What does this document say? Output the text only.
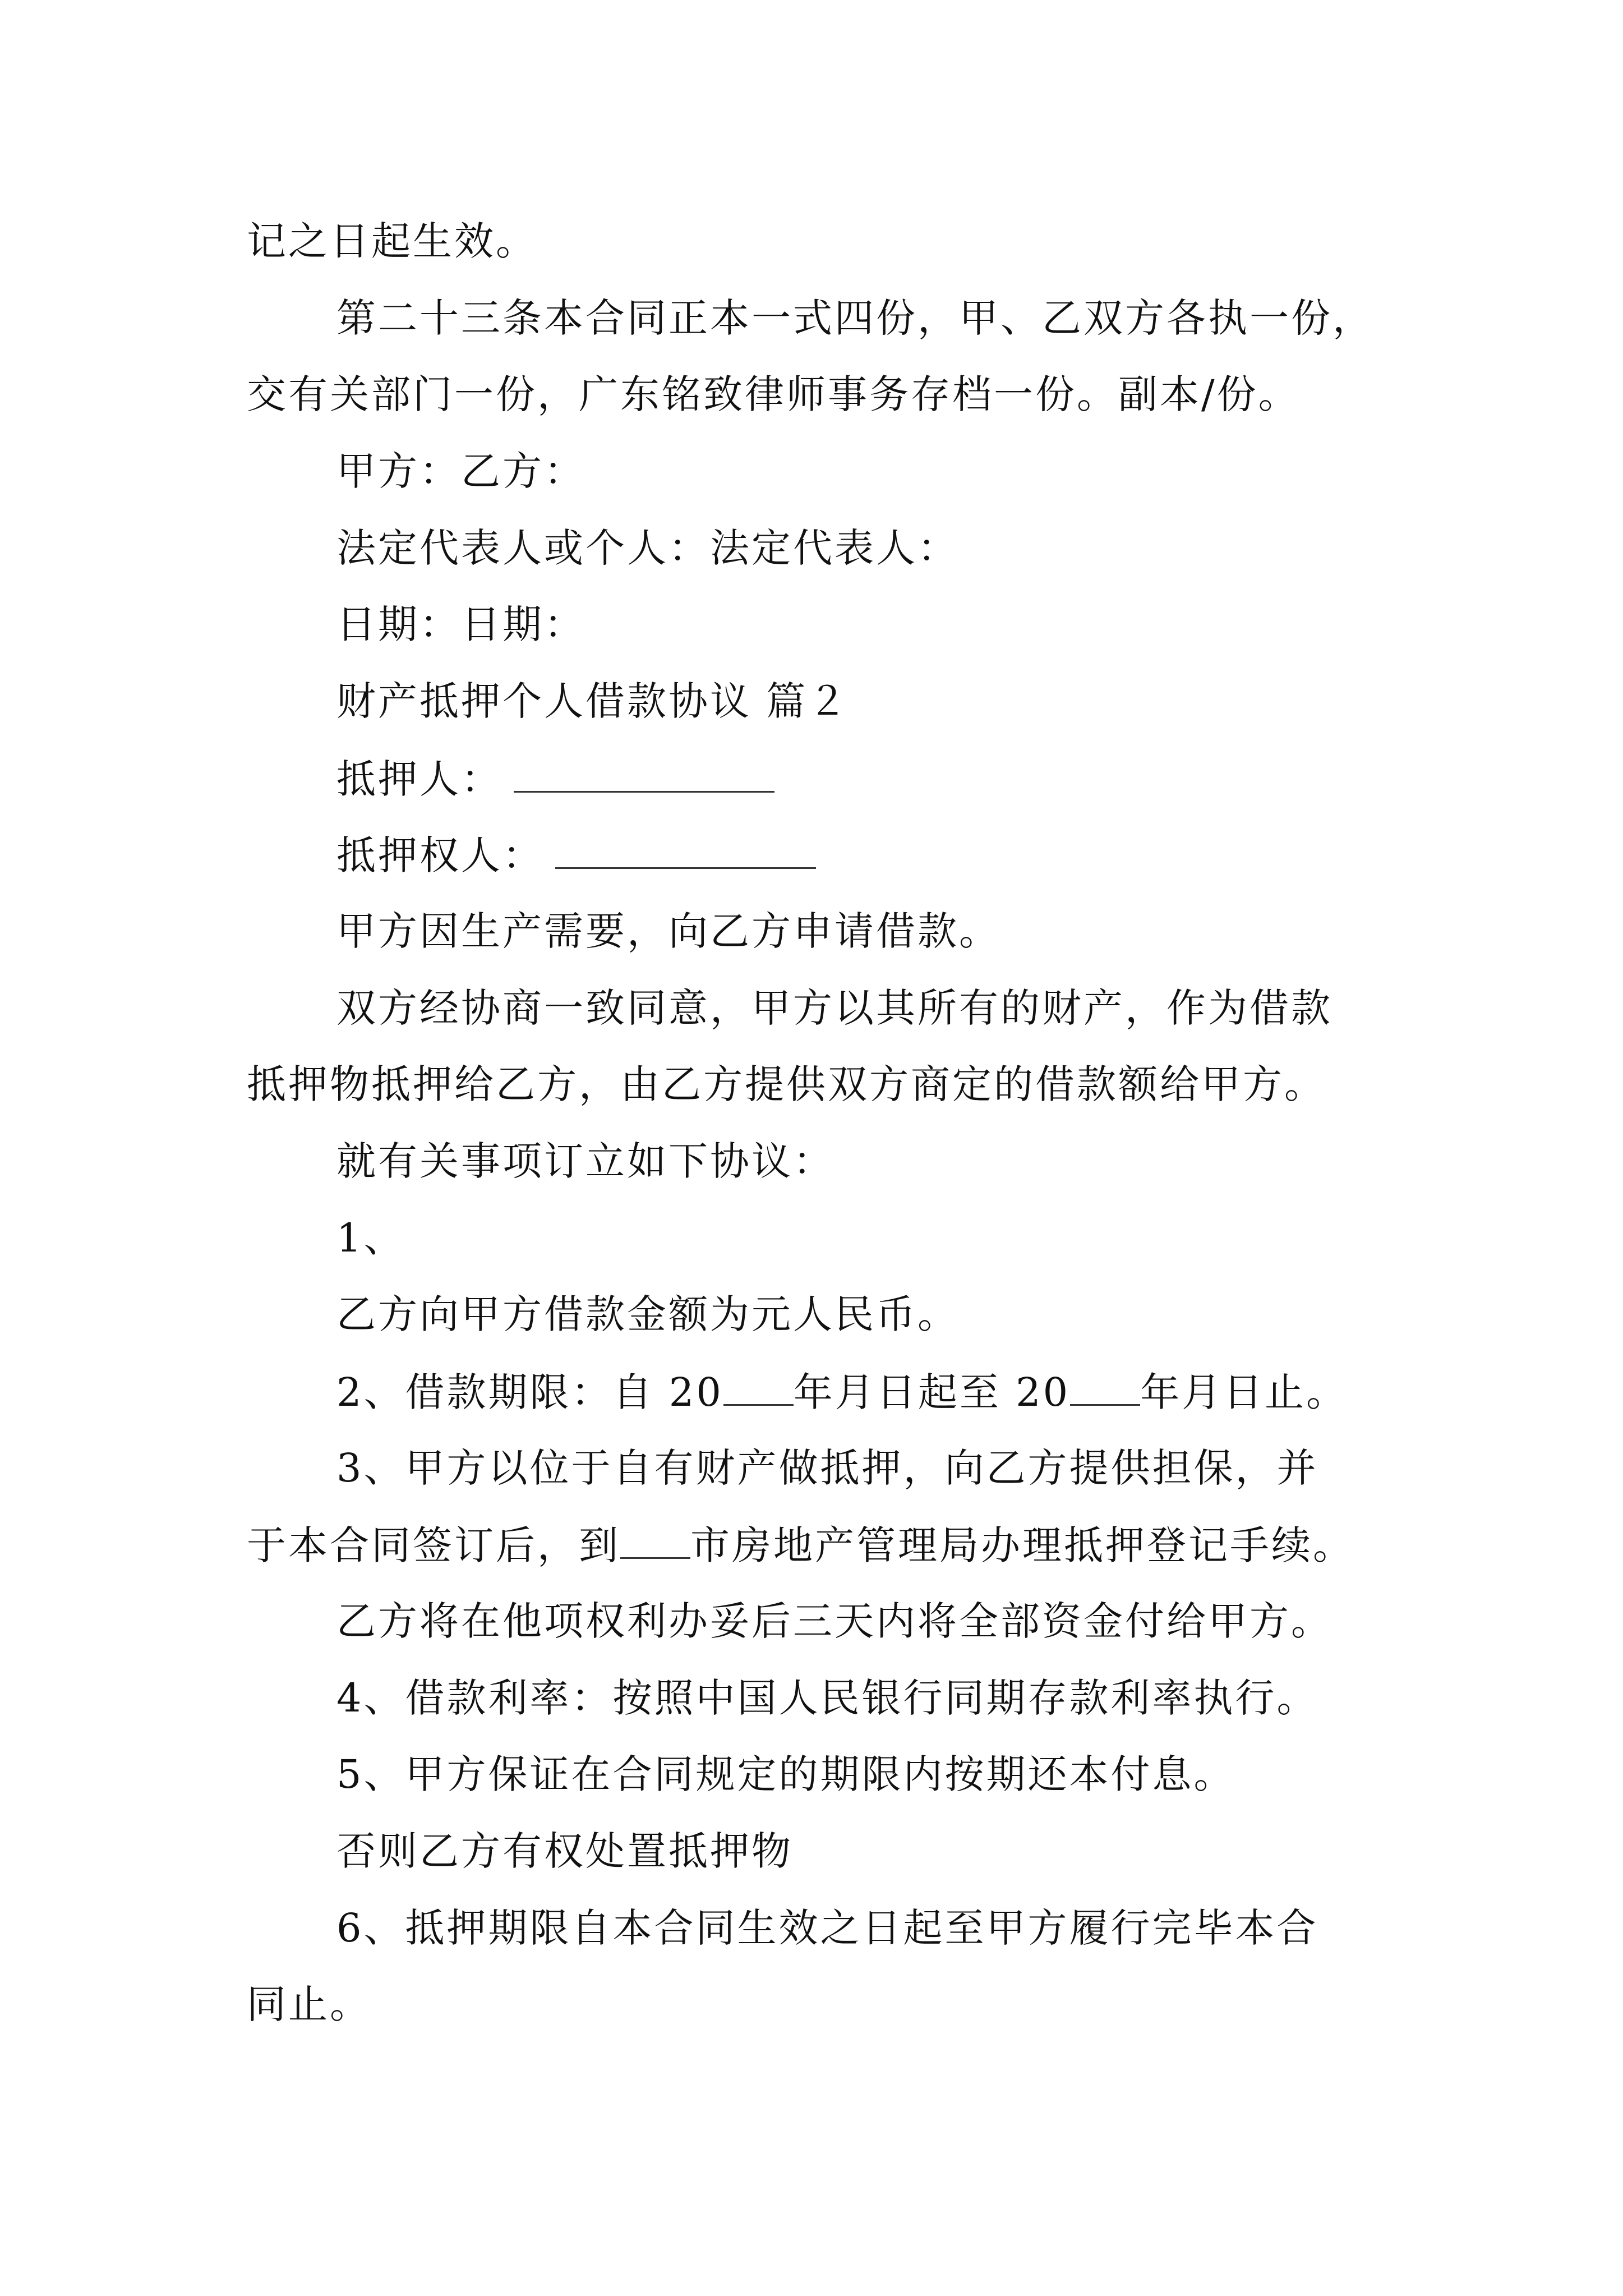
记之日起生效。
第二十三条本合同正本一式四份，甲、乙双方各执一份，
交有关部门一份，广东铭致律师事务存档一份。副本/份。
甲方：乙方：
法定代表人或个人：法定代表人：
日期：日期：
财产抵押个人借款协议 篇２
抵押人：
抵押权人：
甲方因生产需要，向乙方申请借款。
双方经协商一致同意，甲方以其所有的财产，作为借款
抵押物抵押给乙方，由乙方提供双方商定的借款额给甲方。
就有关事项订立如下协议：
1、
乙方向甲方借款金额为元人民币。
2、借款期限：自 20 年月日起至 20 年月日止。
3、甲方以位于自有财产做抵押，向乙方提供担保，并
于本合同签订后，到 市房地产管理局办理抵押登记手续。
乙方将在他项权利办妥后三天内将全部资金付给甲方。
4、借款利率：按照中国人民银行同期存款利率执行。
5、甲方保证在合同规定的期限内按期还本付息。
否则乙方有权处置抵押物
6、抵押期限自本合同生效之日起至甲方履行完毕本合
同止。
